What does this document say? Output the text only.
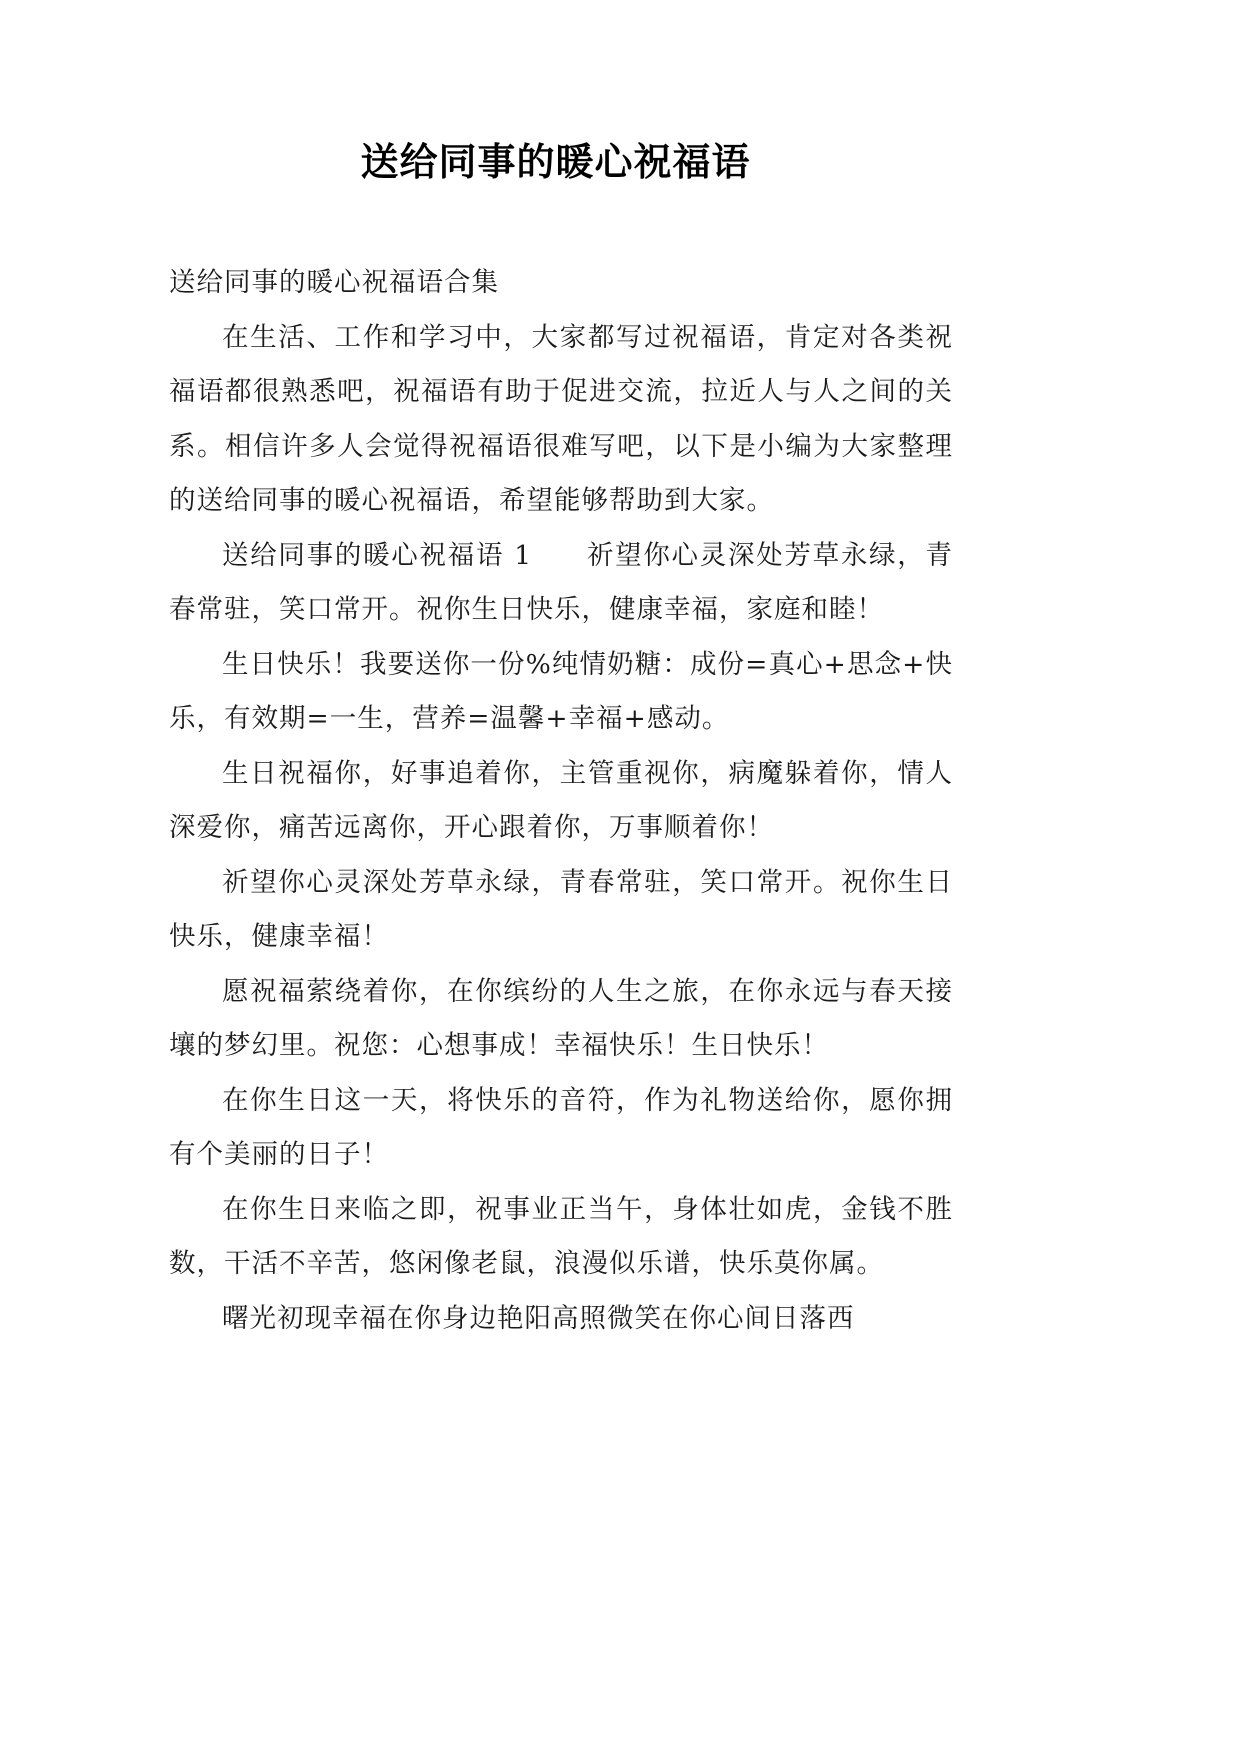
送给同事的暖心祝福语

送给同事的暖心祝福语合集

在生活、工作和学习中，大家都写过祝福语，肯定对各类祝福语都很熟悉吧，祝福语有助于促进交流，拉近人与人之间的关系。相信许多人会觉得祝福语很难写吧，以下是小编为大家整理的送给同事的暖心祝福语，希望能够帮助到大家。

送给同事的暖心祝福语 1 祈望你心灵深处芳草永绿，青春常驻，笑口常开。祝你生日快乐，健康幸福，家庭和睦！

生日快乐！我要送你一份%纯情奶糖：成份=真心+思念+快乐，有效期=一生，营养=温馨+幸福+感动。

生日祝福你，好事追着你，主管重视你，病魔躲着你，情人深爱你，痛苦远离你，开心跟着你，万事顺着你！

祈望你心灵深处芳草永绿，青春常驻，笑口常开。祝你生日快乐，健康幸福！

愿祝福萦绕着你，在你缤纷的人生之旅，在你永远与春天接壤的梦幻里。祝您：心想事成！幸福快乐！生日快乐！

在你生日这一天，将快乐的音符，作为礼物送给你，愿你拥有个美丽的日子！

在你生日来临之即，祝事业正当午，身体壮如虎，金钱不胜数，干活不辛苦，悠闲像老鼠，浪漫似乐谱，快乐莫你属。

曙光初现幸福在你身边艳阳高照微笑在你心间日落西
